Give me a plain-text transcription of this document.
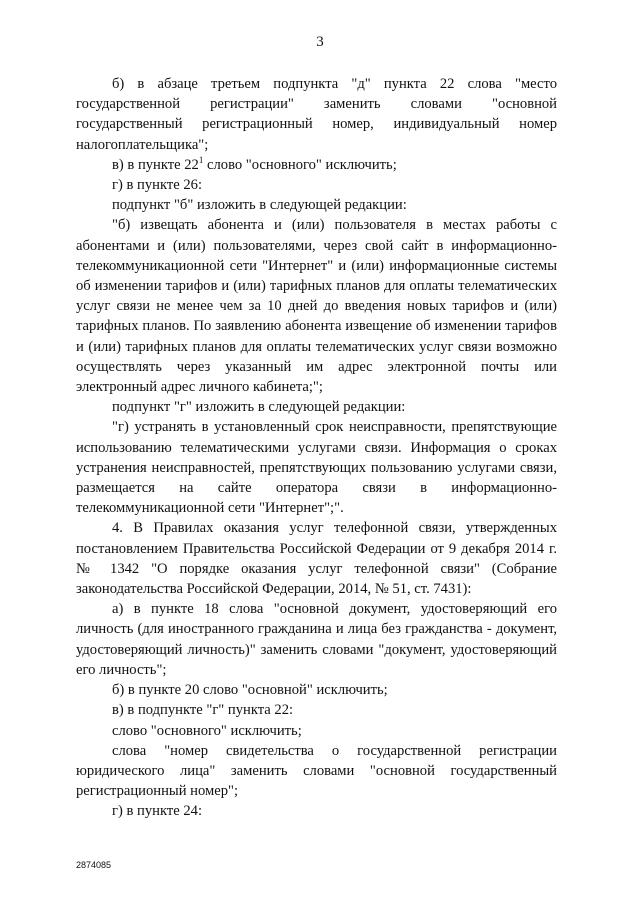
3

б) в абзаце третьем подпункта "д" пункта 22 слова "место государственной регистрации" заменить словами "основной государственный регистрационный номер, индивидуальный номер налогоплательщика";

в) в пункте $22^1$ слово "основного" исключить;

г) в пункте 26:

подпункт "б" изложить в следующей редакции:

"б) извещать абонента и (или) пользователя в местах работы с абонентами и (или) пользователями, через свой сайт в информационно-телекоммуникационной сети "Интернет" и (или) информационные системы об изменении тарифов и (или) тарифных планов для оплаты телематических услуг связи не менее чем за 10 дней до введения новых тарифов и (или) тарифных планов. По заявлению абонента извещение об изменении тарифов и (или) тарифных планов для оплаты телематических услуг связи возможно осуществлять через указанный им адрес электронной почты или электронный адрес личного кабинета;";

подпункт "г" изложить в следующей редакции:

"г) устранять в установленный срок неисправности, препятствующие использованию телематическими услугами связи. Информация о сроках устранения неисправностей, препятствующих пользованию услугами связи, размещается на сайте оператора связи в информационно-телекоммуникационной сети "Интернет";".

4. В Правилах оказания услуг телефонной связи, утвержденных постановлением Правительства Российской Федерации от 9 декабря 2014 г. № 1342 "О порядке оказания услуг телефонной связи" (Собрание законодательства Российской Федерации, 2014, № 51, ст. 7431):

а) в пункте 18 слова "основной документ, удостоверяющий его личность (для иностранного гражданина и лица без гражданства - документ, удостоверяющий личность)" заменить словами "документ, удостоверяющий его личность";

б) в пункте 20 слово "основной" исключить;

в) в подпункте "г" пункта 22:

слово "основного" исключить;

слова "номер свидетельства о государственной регистрации юридического лица" заменить словами "основной государственный регистрационный номер";

г) в пункте 24:

2874085
